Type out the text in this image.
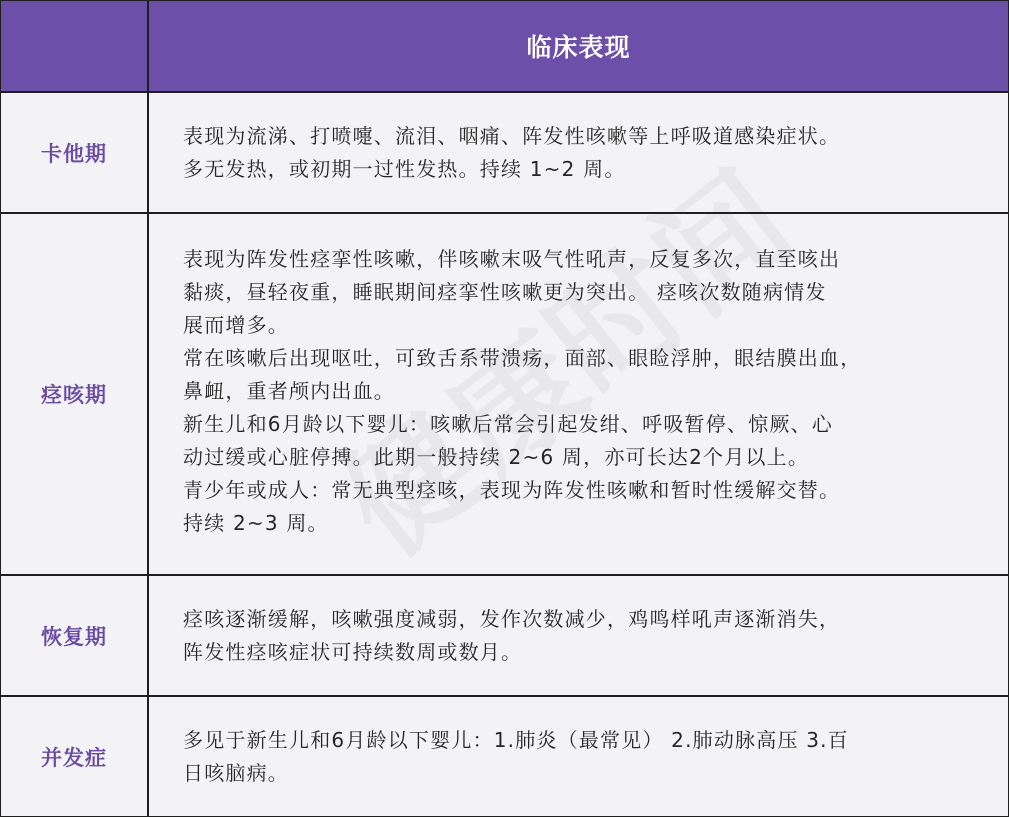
临床表现
卡他期

表现为流涕、打喷嚏、流泪、咽痛、阵发性咳嗽等上呼吸道感染症状。

多无发热，或初期一过性发热。持续 1~2 周。

痉咳期

表现为阵发性痉挛性咳嗽，伴咳嗽末吸气性吼声，反复多次，直至咳出

黏痰，昼轻夜重，睡眠期间痉挛性咳嗽更为突出。 痉咳次数随病情发

展而增多。

常在咳嗽后出现呕吐，可致舌系带溃疡，面部、眼睑浮肿，眼结膜出血，

鼻衄，重者颅内出血。

新生儿和6月龄以下婴儿：咳嗽后常会引起发绀、呼吸暂停、惊厥、心

动过缓或心脏停搏。此期一般持续 2~6 周，亦可长达2个月以上。

青少年或成人：常无典型痉咳，表现为阵发性咳嗽和暂时性缓解交替。

持续 2~3 周。

恢复期

痉咳逐渐缓解，咳嗽强度减弱，发作次数减少，鸡鸣样吼声逐渐消失，

阵发性痉咳症状可持续数周或数月。

并发症

多见于新生儿和6月龄以下婴儿：1.肺炎（最常见） 2.肺动脉高压 3.百

日咳脑病。
